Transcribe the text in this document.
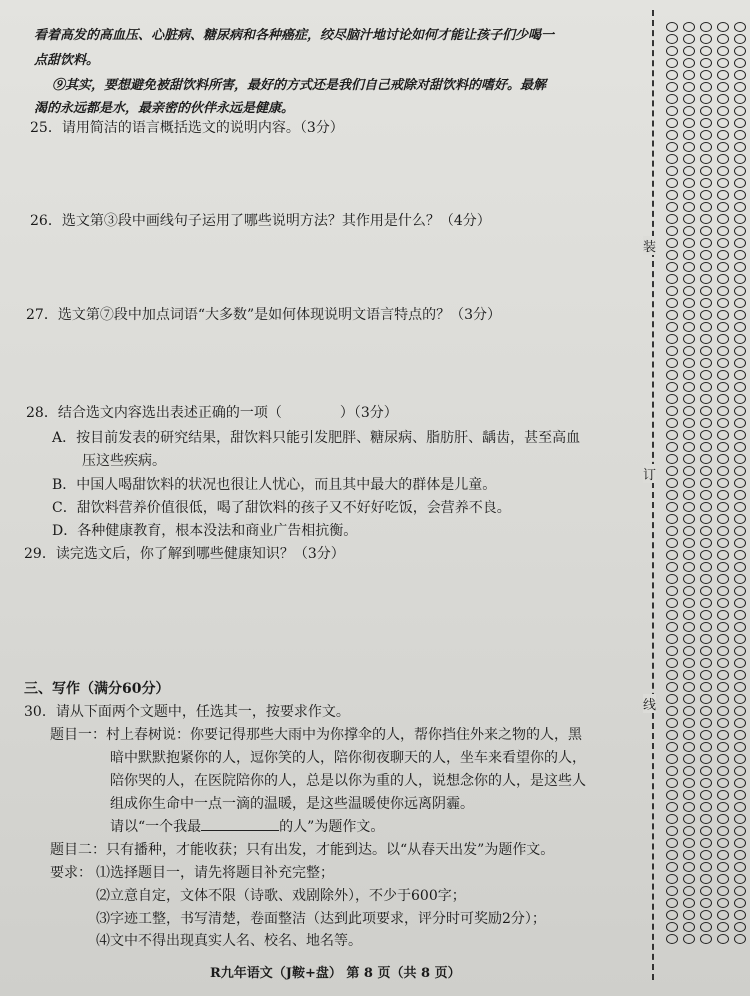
看着高发的高血压、心脏病、糖尿病和各种癌症，绞尽脑汁地讨论如何才能让孩子们少喝一
点甜饮料。
⑨其实，要想避免被甜饮料所害，最好的方式还是我们自己戒除对甜饮料的嗜好。最解
渴的永远都是水，最亲密的伙伴永远是健康。
25．请用简洁的语言概括选文的说明内容。（3分）
26．选文第③段中画线句子运用了哪些说明方法？其作用是什么？（4分）
27．选文第⑦段中加点词语“大多数”是如何体现说明文语言特点的？（3分）
28．结合选文内容选出表述正确的一项（	）（3分）
A．按目前发表的研究结果，甜饮料只能引发肥胖、糖尿病、脂肪肝、龋齿，甚至高血
压这些疾病。
B．中国人喝甜饮料的状况也很让人忧心，而且其中最大的群体是儿童。
C．甜饮料营养价值很低，喝了甜饮料的孩子又不好好吃饭，会营养不良。
D．各种健康教育，根本没法和商业广告相抗衡。
29．读完选文后，你了解到哪些健康知识？（3分）
三、写作（满分60分）
30．请从下面两个文题中，任选其一，按要求作文。
题目一：村上春树说：你要记得那些大雨中为你撑伞的人，帮你挡住外来之物的人，黑
暗中默默抱紧你的人，逗你笑的人，陪你彻夜聊天的人，坐车来看望你的人，
陪你哭的人，在医院陪你的人，总是以你为重的人，说想念你的人，是这些人
组成你生命中一点一滴的温暖，是这些温暖使你远离阴霾。
请以“一个我最	的人”为题作文。
题目二：只有播种，才能收获；只有出发，才能到达。以“从春天出发”为题作文。
要求： ⑴选择题目一，请先将题目补充完整；
⑵立意自定，文体不限（诗歌、戏剧除外），不少于600字；
⑶字迹工整，书写清楚，卷面整洁（达到此项要求，评分时可奖励2分）；
⑷文中不得出现真实人名、校名、地名等。
装
订
线
R九年语文（J鞍+盘） 第 8 页（共 8 页）
